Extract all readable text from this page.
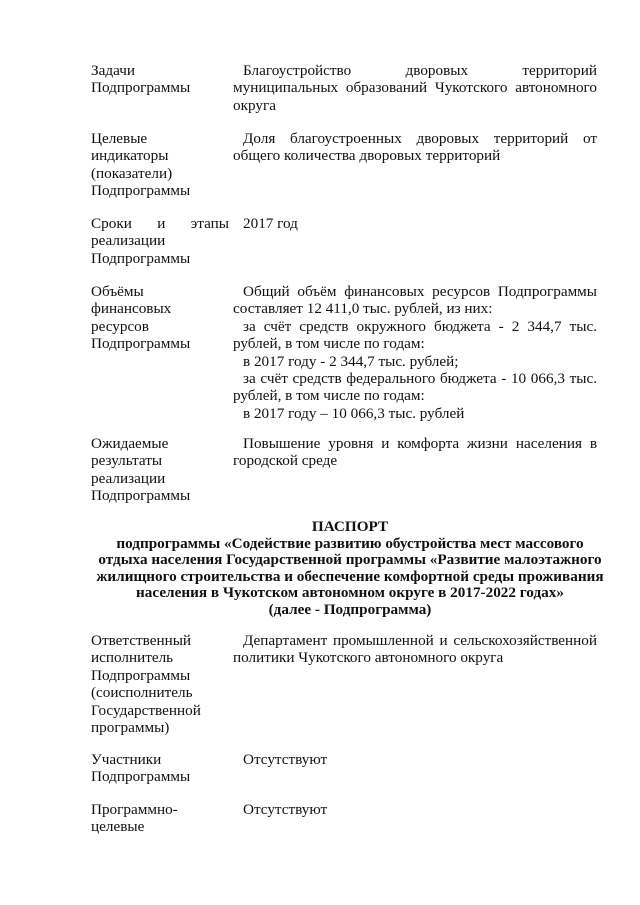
Задачи
Подпрограммы
Благоустройство дворовых территорий
муниципальных образований Чукотского автономного
округа
Целевые
индикаторы
(показатели)
Подпрограммы
Доля благоустроенных дворовых территорий от
общего количества дворовых территорий
Сроки и этапы
реализации
Подпрограммы
2017 год
Объёмы
финансовых
ресурсов
Подпрограммы
Общий объём финансовых ресурсов Подпрограммы
составляет 12 411,0 тыс. рублей, из них:
за счёт средств окружного бюджета - 2 344,7 тыс.
рублей, в том числе по годам:
в 2017 году - 2 344,7 тыс. рублей;
за счёт средств федерального бюджета - 10 066,3 тыс.
рублей, в том числе по годам:
в 2017 году – 10 066,3 тыс. рублей
Ожидаемые
результаты
реализации
Подпрограммы
Повышение уровня и комфорта жизни населения в
городской среде
ПАСПОРТ
подпрограммы «Содействие развитию обустройства мест массового
отдыха населения Государственной программы «Развитие малоэтажного
жилищного строительства и обеспечение комфортной среды проживания
населения в Чукотском автономном округе в 2017-2022 годах»
(далее - Подпрограмма)
Ответственный
исполнитель
Подпрограммы
(соисполнитель
Государственной
программы)
Департамент промышленной и сельскохозяйственной
политики Чукотского автономного округа
Участники
Подпрограммы
Отсутствуют
Программно-
целевые
Отсутствуют
